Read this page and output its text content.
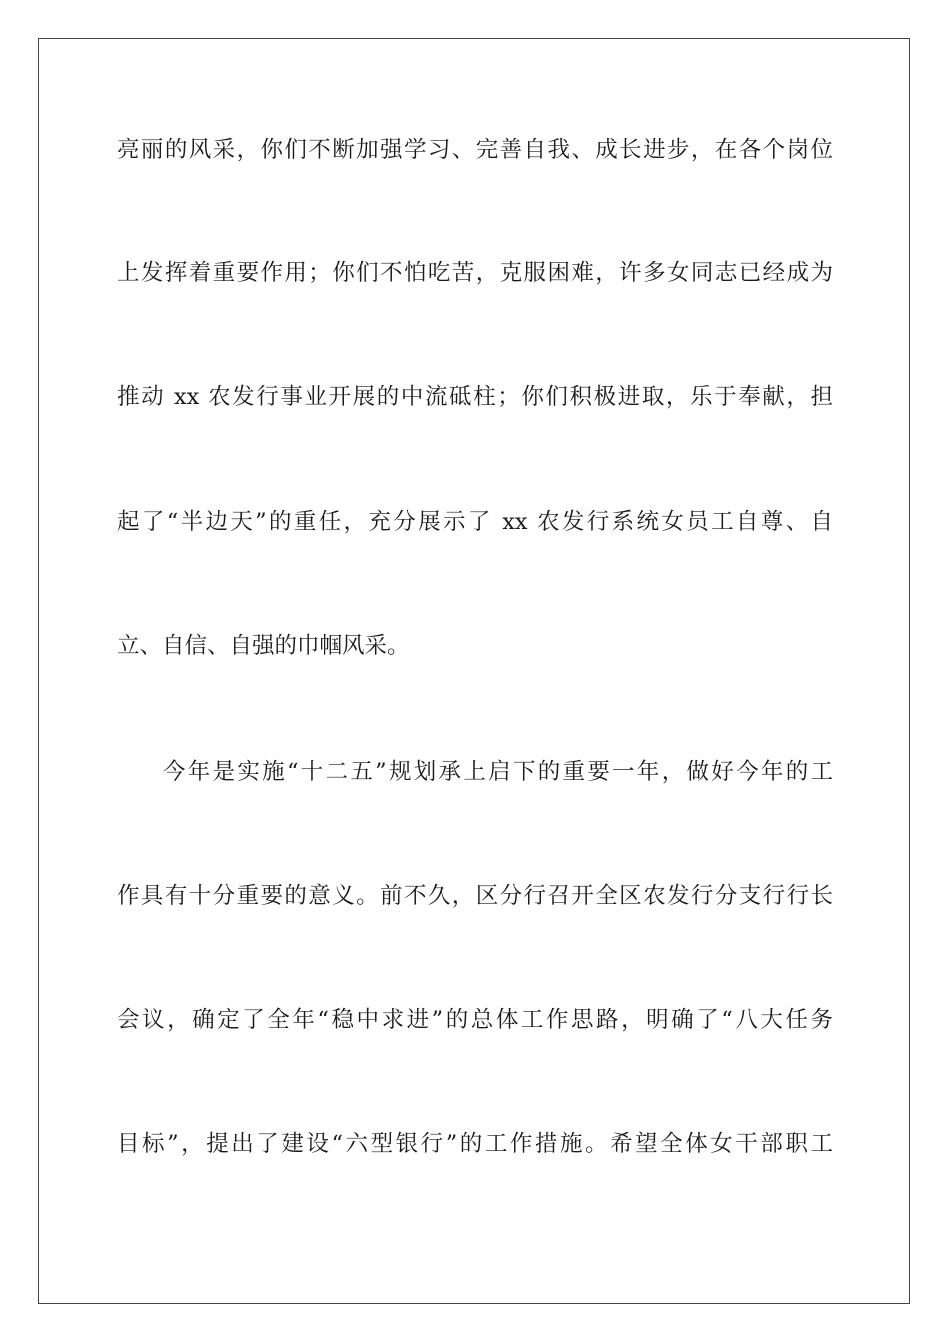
亮丽的风采，你们不断加强学习、完善自我、成长进步，在各个岗位
上发挥着重要作用；你们不怕吃苦，克服困难，许多女同志已经成为
推动 xx 农发行事业开展的中流砥柱；你们积极进取，乐于奉献，担
起了“半边天”的重任，充分展示了 xx 农发行系统女员工自尊、自
立、自信、自强的巾帼风采。
今年是实施“十二五”规划承上启下的重要一年，做好今年的工
作具有十分重要的意义。前不久，区分行召开全区农发行分支行行长
会议，确定了全年“稳中求进”的总体工作思路，明确了“八大任务
目标”，提出了建设“六型银行”的工作措施。希望全体女干部职工
